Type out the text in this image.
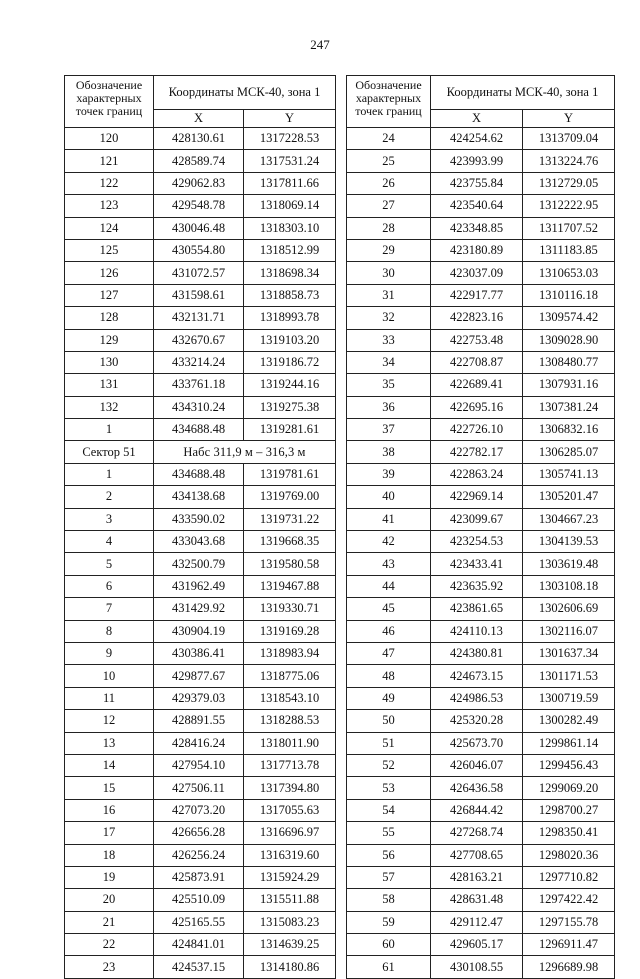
247
Обозначение характерных точек границ	Координаты МСК-40, зона 1	
	X	Y
120	428130.61	1317228.53
121	428589.74	1317531.24
122	429062.83	1317811.66
123	429548.78	1318069.14
124	430046.48	1318303.10
125	430554.80	1318512.99
126	431072.57	1318698.34
127	431598.61	1318858.73
128	432131.71	1318993.78
129	432670.67	1319103.20
130	433214.24	1319186.72
131	433761.18	1319244.16
132	434310.24	1319275.38
1	434688.48	1319281.61
Сектор 51	Набс 311,9 м – 316,3 м	
1	434688.48	1319781.61
2	434138.68	1319769.00
3	433590.02	1319731.22
4	433043.68	1319668.35
5	432500.79	1319580.58
6	431962.49	1319467.88
7	431429.92	1319330.71
8	430904.19	1319169.28
9	430386.41	1318983.94
10	429877.67	1318775.06
11	429379.03	1318543.10
12	428891.55	1318288.53
13	428416.24	1318011.90
14	427954.10	1317713.78
15	427506.11	1317394.80
16	427073.20	1317055.63
17	426656.28	1316696.97
18	426256.24	1316319.60
19	425873.91	1315924.29
20	425510.09	1315511.88
21	425165.55	1315083.23
22	424841.01	1314639.25
23	424537.15	1314180.86
Обозначение характерных точек границ	Координаты МСК-40, зона 1	
	X	Y
24	424254.62	1313709.04
25	423993.99	1313224.76
26	423755.84	1312729.05
27	423540.64	1312222.95
28	423348.85	1311707.52
29	423180.89	1311183.85
30	423037.09	1310653.03
31	422917.77	1310116.18
32	422823.16	1309574.42
33	422753.48	1309028.90
34	422708.87	1308480.77
35	422689.41	1307931.16
36	422695.16	1307381.24
37	422726.10	1306832.16
38	422782.17	1306285.07
39	422863.24	1305741.13
40	422969.14	1305201.47
41	423099.67	1304667.23
42	423254.53	1304139.53
43	423433.41	1303619.48
44	423635.92	1303108.18
45	423861.65	1302606.69
46	424110.13	1302116.07
47	424380.81	1301637.34
48	424673.15	1301171.53
49	424986.53	1300719.59
50	425320.28	1300282.49
51	425673.70	1299861.14
52	426046.07	1299456.43
53	426436.58	1299069.20
54	426844.42	1298700.27
55	427268.74	1298350.41
56	427708.65	1298020.36
57	428163.21	1297710.82
58	428631.48	1297422.42
59	429112.47	1297155.78
60	429605.17	1296911.47
61	430108.55	1296689.98
